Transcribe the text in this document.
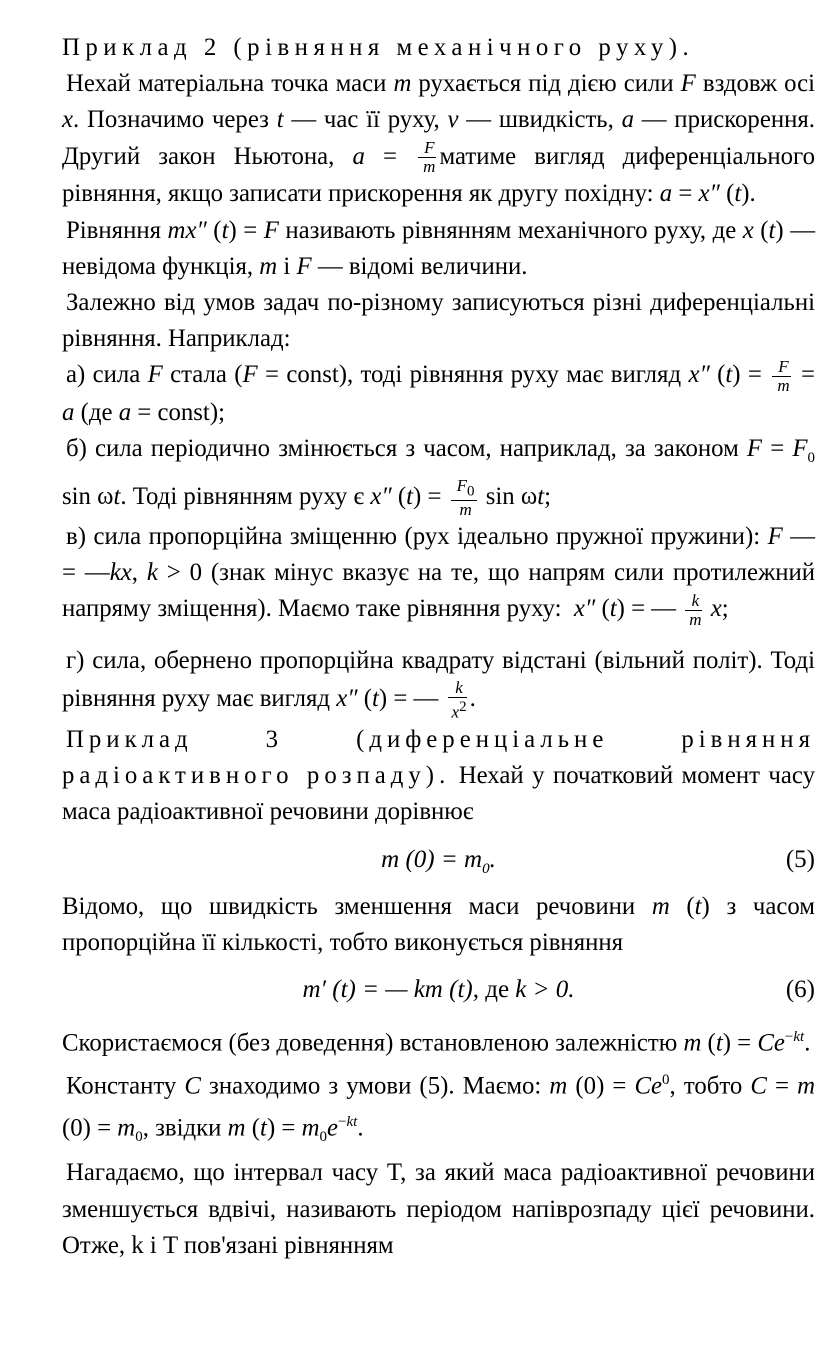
Приклад 2 (рівняння механічного руху).

Нехай матеріальна точка маси m рухається під дією сили F вздовж осі x. Позначимо через t — час її руху, v — швидкість, a — прискорення. Другий закон Ньютона, $a = \frac{F}{m}$ матиме вигляд диференціального рівняння, якщо записати прискорення як другу похідну: a = x″ (t).

Рівняння mx″ (t) = F називають рівнянням механічного руху, де x (t) — невідома функція, m і F — відомі величини.

Залежно від умов задач по-різному записуються різні диференціальні рівняння. Наприклад:

а) сила F стала (F = const), тоді рівняння руху має вигляд x″ $(t) = \frac{F}{m} = a$ (де a = const);

б) сила періодично змінюється з часом, наприклад, за законом $F = F_0$ sin ωt. Тоді рівнянням руху є x″ $(t) = \frac{F_0}{m}$ sin ωt;

в) сила пропорційна зміщенню (рух ідеально пружної пружини): F — = —kx, k > 0 (знак мінус вказує на те, що напрям сили протилежний напряму зміщення). Маємо таке рівняння руху:  x″ (t) = — $\frac{k}{m} x$;

г) сила, обернено пропорційна квадрату відстані (вільний політ). Тоді рівняння руху має вигляд x″ (t) = — $\frac{k}{x^2}$ .

Приклад 3 (диференціальне рівняння радіоактивного розпаду). Нехай у початковий момент часу маса радіоактивної речовини дорівнює

m $(0) = m_0$.	(5)

Відомо, що швидкість зменшення маси речовини m (t) з часом пропорційна її кількості, тобто виконується рівняння

m′ (t) = — km (t), де k > 0.	(6)

Скористаємося (без доведення) встановленою залежністю m $(t) = Ce^{-kt}$.

Константу C знаходимо з умови (5). Маємо: m $(0) = Ce^0$, тобто C = m $(0) = m_0$, звідки m $(t) = m_0e^{-kt}$.

Нагадаємо, що інтервал часу T, за який маса радіоактивної речовини зменшується вдвічі, називають періодом напіврозпаду цієї речовини. Отже, k і T пов'язані рівнянням
